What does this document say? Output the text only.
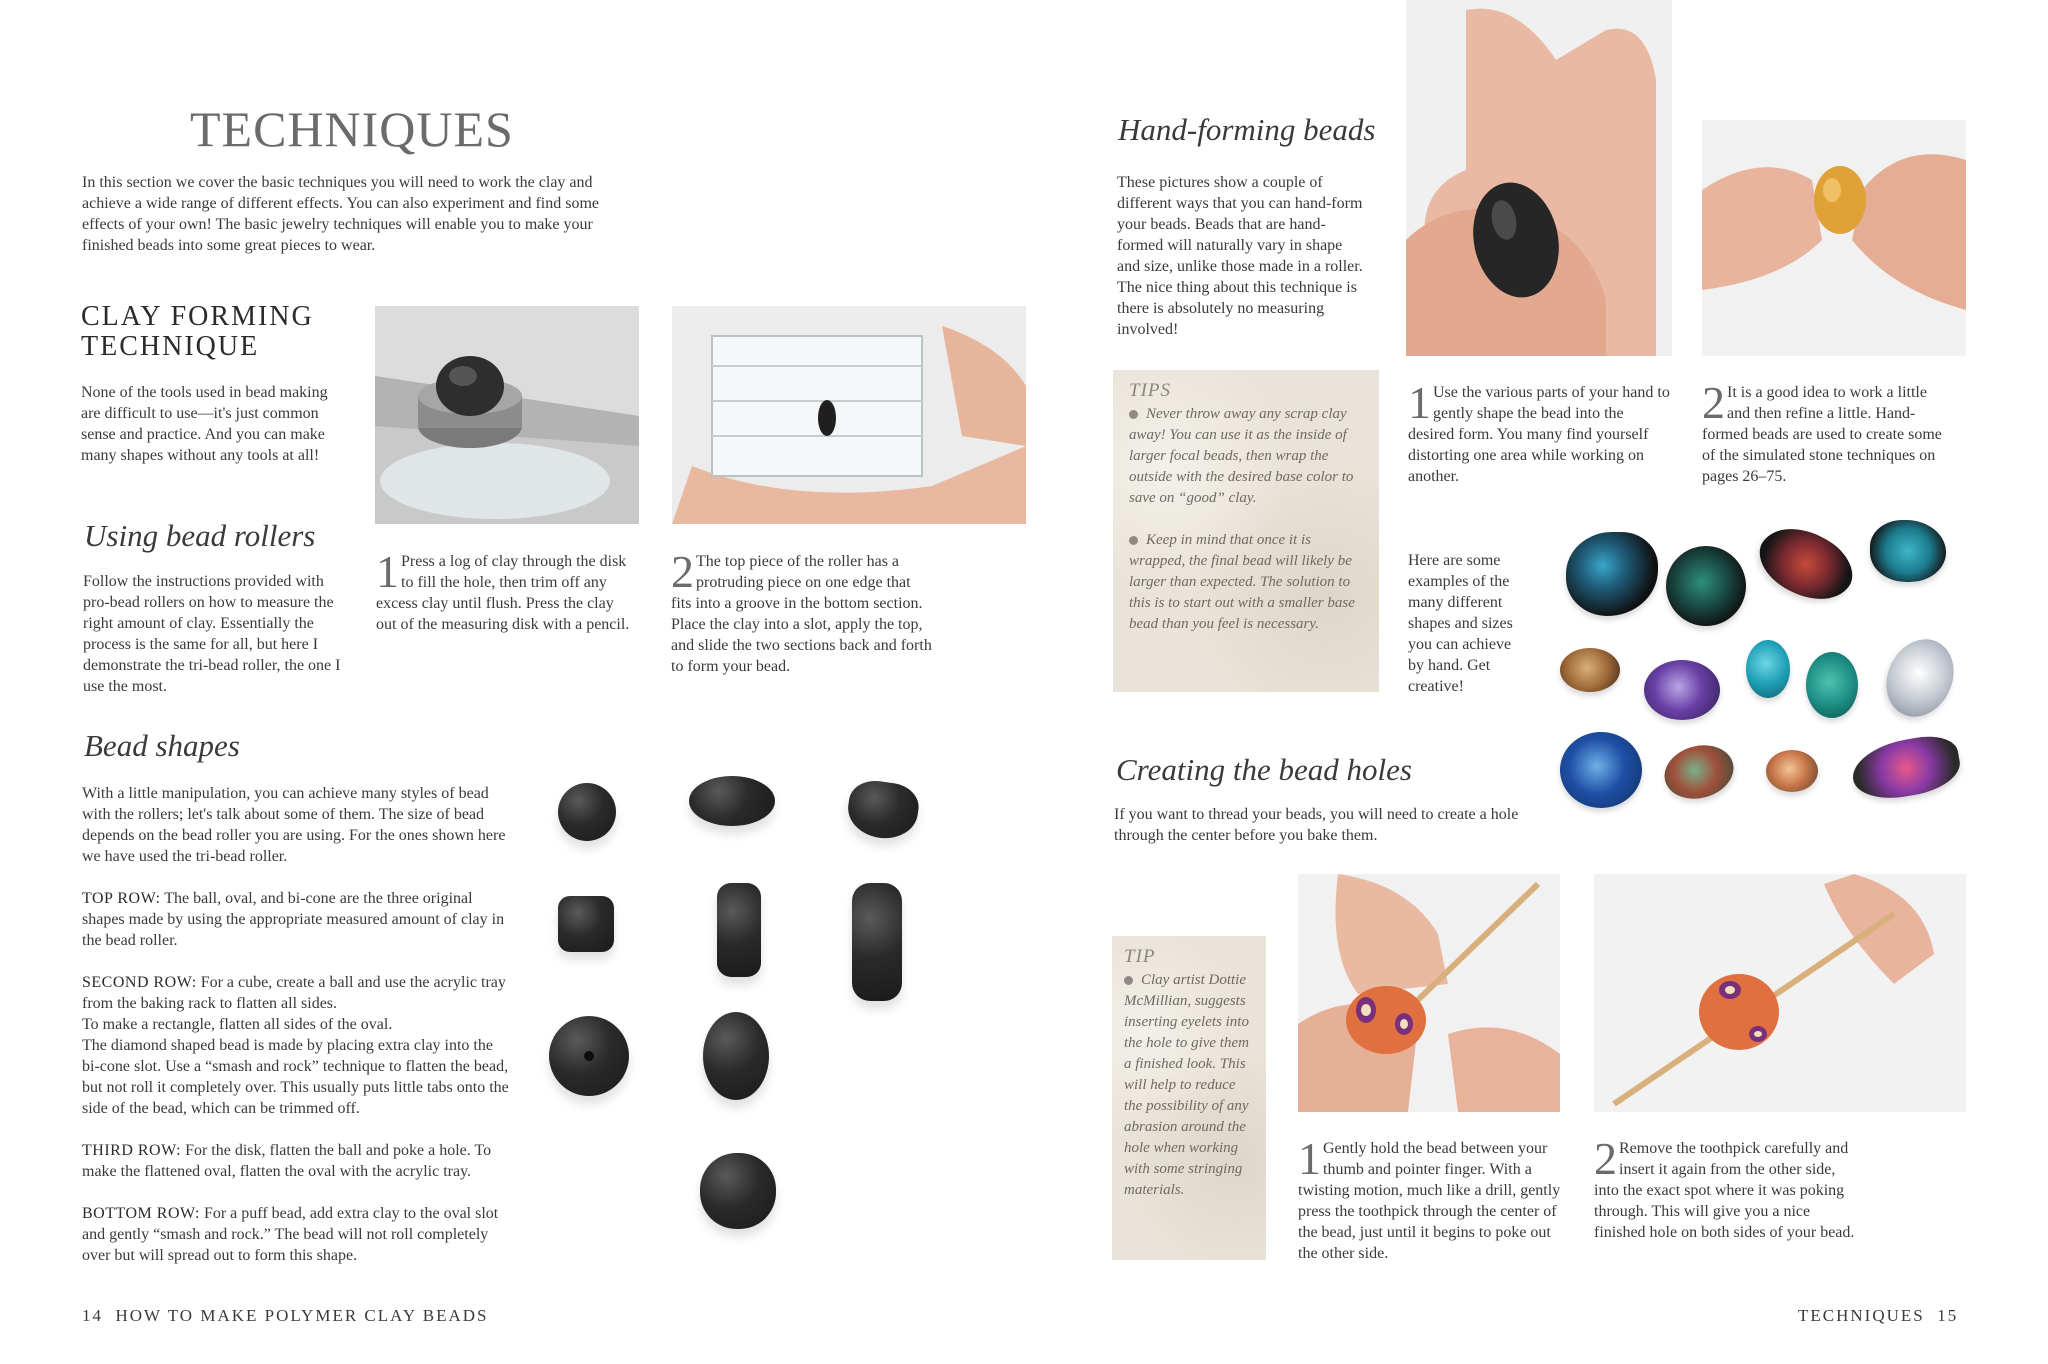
TECHNIQUES

In this section we cover the basic techniques you will need to work the clay and achieve a wide range of different effects. You can also experiment and find some effects of your own! The basic jewelry techniques will enable you to make your finished beads into some great pieces to wear.

CLAY FORMING
TECHNIQUE

None of the tools used in bead making are difficult to use—it's just common sense and practice. And you can make many shapes without any tools at all!

Using bead rollers

Follow the instructions provided with pro-bead rollers on how to measure the right amount of clay. Essentially the process is the same for all, but here I demonstrate the tri-bead roller, the one I use the most.

1 Press a log of clay through the disk to fill the hole, then trim off any excess clay until flush. Press the clay out of the measuring disk with a pencil.
2 The top piece of the roller has a protruding piece on one edge that fits into a groove in the bottom section. Place the clay into a slot, apply the top, and slide the two sections back and forth to form your bead.
Bead shapes

With a little manipulation, you can achieve many styles of bead with the rollers; let's talk about some of them. The size of bead depends on the bead roller you are using. For the ones shown here we have used the tri-bead roller.

TOP ROW: The ball, oval, and bi-cone are the three original shapes made by using the appropriate measured amount of clay in the bead roller.

SECOND ROW: For a cube, create a ball and use the acrylic tray from the baking rack to flatten all sides.

To make a rectangle, flatten all sides of the oval.

The diamond shaped bead is made by placing extra clay into the bi-cone slot. Use a “smash and rock” technique to flatten the bead, but not roll it completely over. This usually puts little tabs onto the side of the bead, which can be trimmed off.

THIRD ROW: For the disk, flatten the ball and poke a hole. To make the flattened oval, flatten the oval with the acrylic tray.

BOTTOM ROW: For a puff bead, add extra clay to the oval slot and gently “smash and rock.” The bead will not roll completely over but will spread out to form this shape.

14 HOW TO MAKE POLYMER CLAY BEADS
Hand-forming beads

These pictures show a couple of different ways that you can hand-form your beads. Beads that are hand-formed will naturally vary in shape and size, unlike those made in a roller. The nice thing about this technique is there is absolutely no measuring involved!

TIPS

Never throw away any scrap clay away! You can use it as the inside of larger focal beads, then wrap the outside with the desired base color to save on “good” clay.

Keep in mind that once it is wrapped, the final bead will likely be larger than expected. The solution to this is to start out with a smaller base bead than you feel is necessary.

1 Use the various parts of your hand to gently shape the bead into the desired form. You many find yourself distorting one area while working on another.
2 It is a good idea to work a little and then refine a little. Hand-formed beads are used to create some of the simulated stone techniques on pages 26–75.

Here are some examples of the many different shapes and sizes you can achieve by hand. Get creative!

Creating the bead holes

If you want to thread your beads, you will need to create a hole through the center before you bake them.

TIP

Clay artist Dottie McMillian, suggests inserting eyelets into the hole to give them a finished look. This will help to reduce the possibility of any abrasion around the hole when working with some stringing materials.

1 Gently hold the bead between your thumb and pointer finger. With a twisting motion, much like a drill, gently press the toothpick through the center of the bead, just until it begins to poke out the other side.
2 Remove the toothpick carefully and insert it again from the other side, into the exact spot where it was poking through. This will give you a nice finished hole on both sides of your bead.
TECHNIQUES 15
